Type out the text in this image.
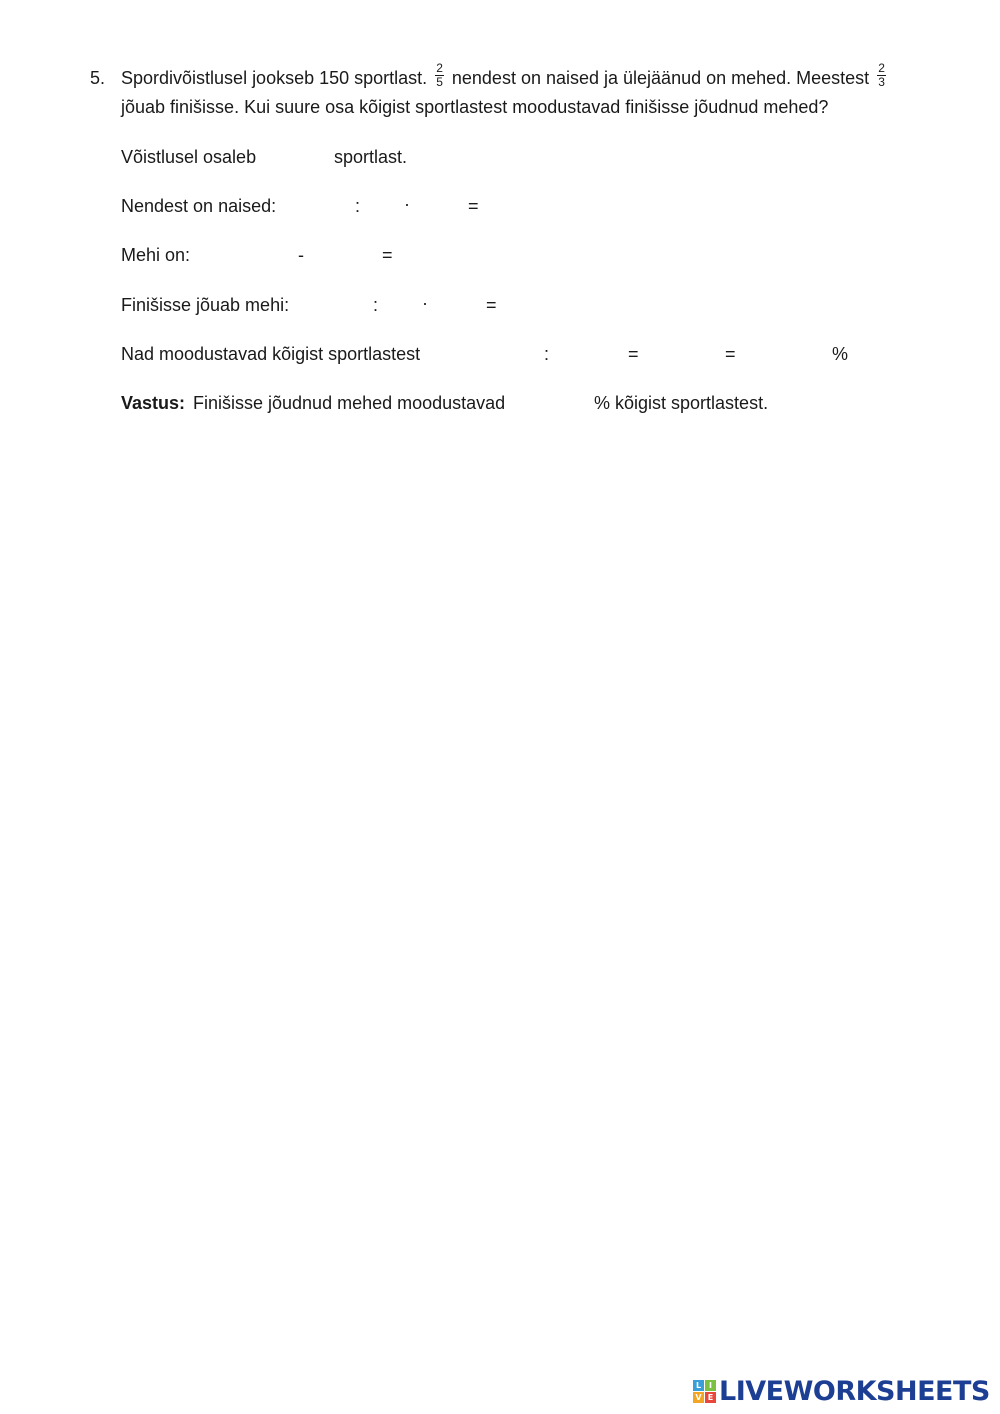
5. Spordivõistlusel jookseb 150 sportlast. $\frac{2}{5}$ nendest on naised ja ülejäänud on mehed. Meestest $\frac{2}{3}$
jõuab finišisse. Kui suure osa kõigist sportlastest moodustavad finišisse jõudnud mehed?
Võistlusel osaleb	sportlast.
Nendest on naised:	: ·	=
Mehi on:	-	=
Finišisse jõuab mehi:	: ·	=
Nad moodustavad kõigist sportlastest	:	=	=	%
Vastus: Finišisse jõudnud mehed moodustavad	% kõigist sportlastest.
L I
V E LIVEWORKSHEETS
